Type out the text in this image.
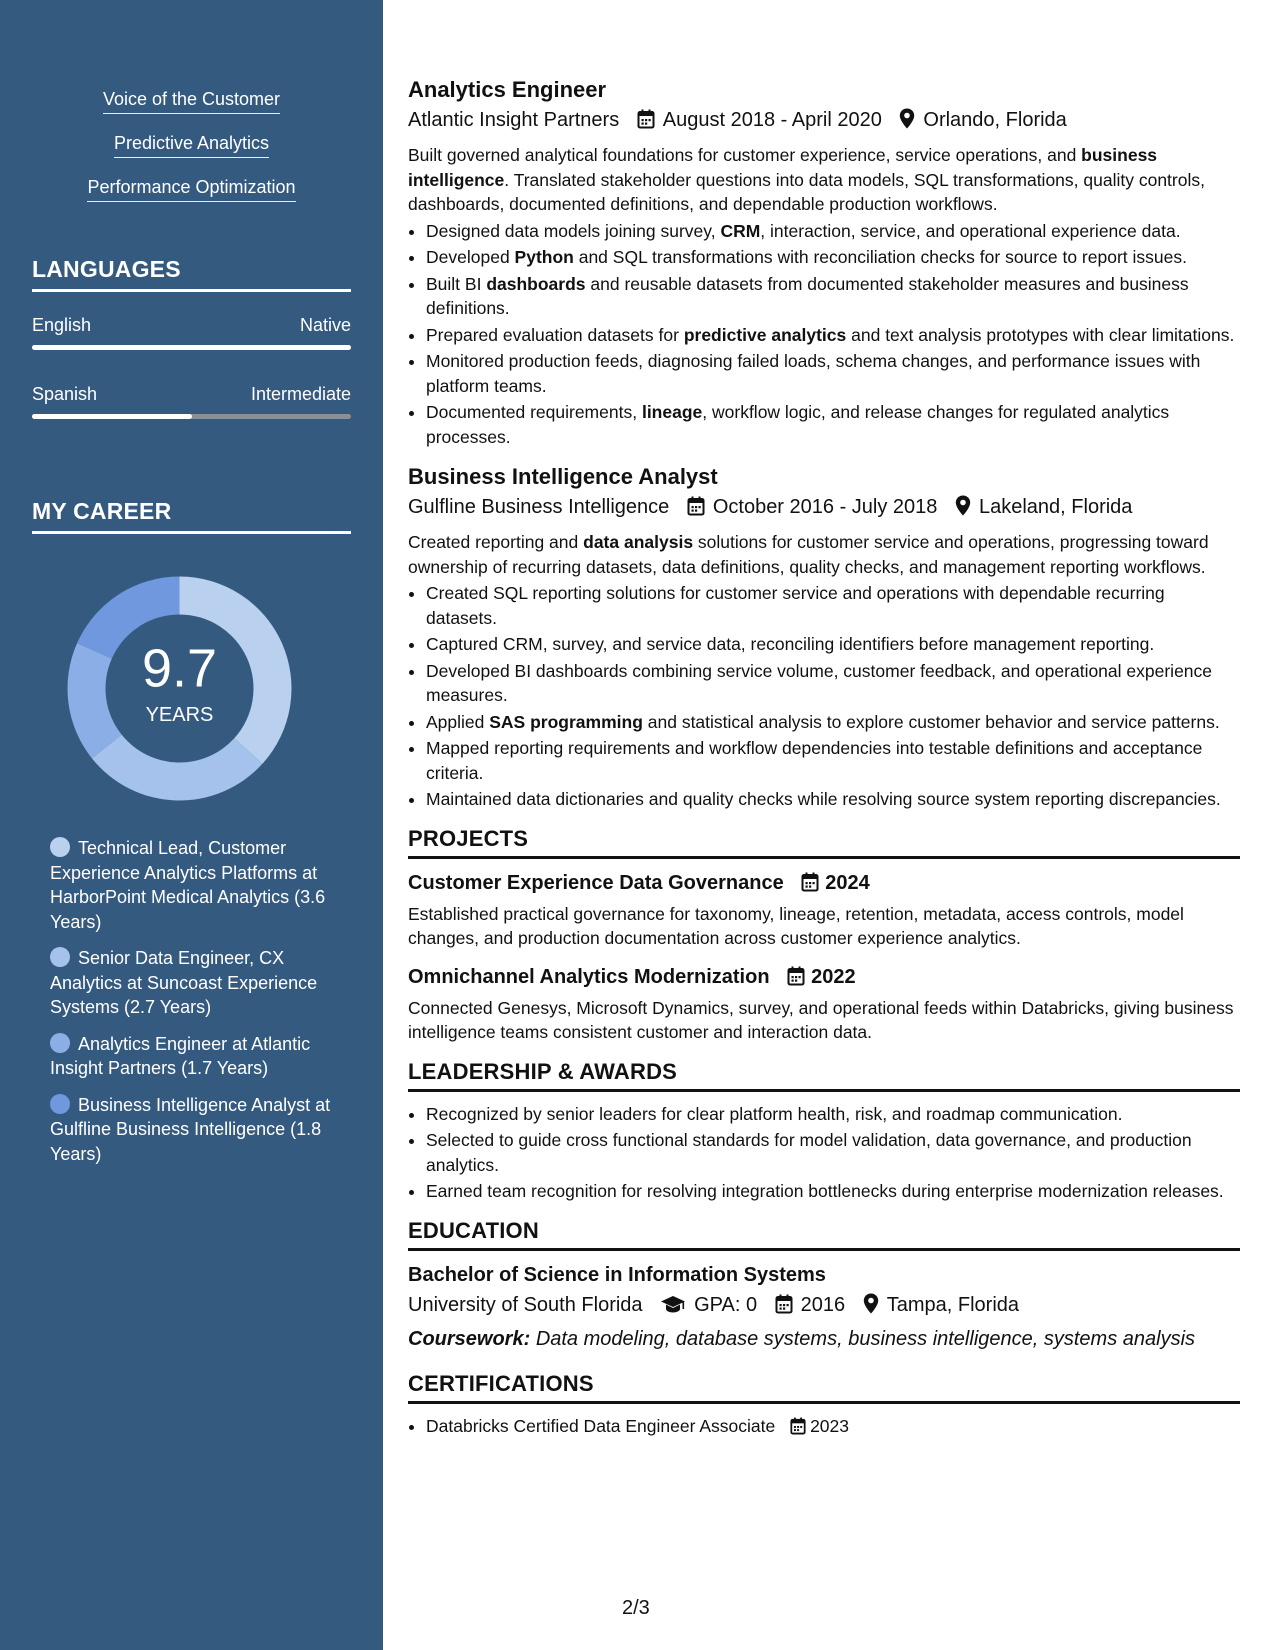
Voice of the Customer
Predictive Analytics
Performance Optimization
LANGUAGES
English	Native
Spanish	Intermediate
MY CAREER
9.7
YEARS
Technical Lead, Customer Experience Analytics Platforms at HarborPoint Medical Analytics (3.6 Years)
Senior Data Engineer, CX Analytics at Suncoast Experience Systems (2.7 Years)
Analytics Engineer at Atlantic Insight Partners (1.7 Years)
Business Intelligence Analyst at Gulfline Business Intelligence (1.8 Years)
Analytics Engineer
Atlantic Insight Partners August 2018 - April 2020 Orlando, Florida
Built governed analytical foundations for customer experience, service operations, and business intelligence. Translated stakeholder questions into data models, SQL transformations, quality controls, dashboards, documented definitions, and dependable production workflows.
• Designed data models joining survey, CRM, interaction, service, and operational experience data.
• Developed Python and SQL transformations with reconciliation checks for source to report issues.
• Built BI dashboards and reusable datasets from documented stakeholder measures and business definitions.
• Prepared evaluation datasets for predictive analytics and text analysis prototypes with clear limitations.
• Monitored production feeds, diagnosing failed loads, schema changes, and performance issues with platform teams.
• Documented requirements, lineage, workflow logic, and release changes for regulated analytics processes.
Business Intelligence Analyst
Gulfline Business Intelligence October 2016 - July 2018 Lakeland, Florida
Created reporting and data analysis solutions for customer service and operations, progressing toward ownership of recurring datasets, data definitions, quality checks, and management reporting workflows.
• Created SQL reporting solutions for customer service and operations with dependable recurring datasets.
• Captured CRM, survey, and service data, reconciling identifiers before management reporting.
• Developed BI dashboards combining service volume, customer feedback, and operational experience measures.
• Applied SAS programming and statistical analysis to explore customer behavior and service patterns.
• Mapped reporting requirements and workflow dependencies into testable definitions and acceptance criteria.
• Maintained data dictionaries and quality checks while resolving source system reporting discrepancies.
PROJECTS
Customer Experience Data Governance 2024
Established practical governance for taxonomy, lineage, retention, metadata, access controls, model changes, and production documentation across customer experience analytics.
Omnichannel Analytics Modernization 2022
Connected Genesys, Microsoft Dynamics, survey, and operational feeds within Databricks, giving business intelligence teams consistent customer and interaction data.
LEADERSHIP & AWARDS
• Recognized by senior leaders for clear platform health, risk, and roadmap communication.
• Selected to guide cross functional standards for model validation, data governance, and production analytics.
• Earned team recognition for resolving integration bottlenecks during enterprise modernization releases.
EDUCATION
Bachelor of Science in Information Systems
University of South Florida	GPA: 0 2016 Tampa, Florida
Coursework: Data modeling, database systems, business intelligence, systems analysis
CERTIFICATIONS
• Databricks Certified Data Engineer Associate 2023
2/3
